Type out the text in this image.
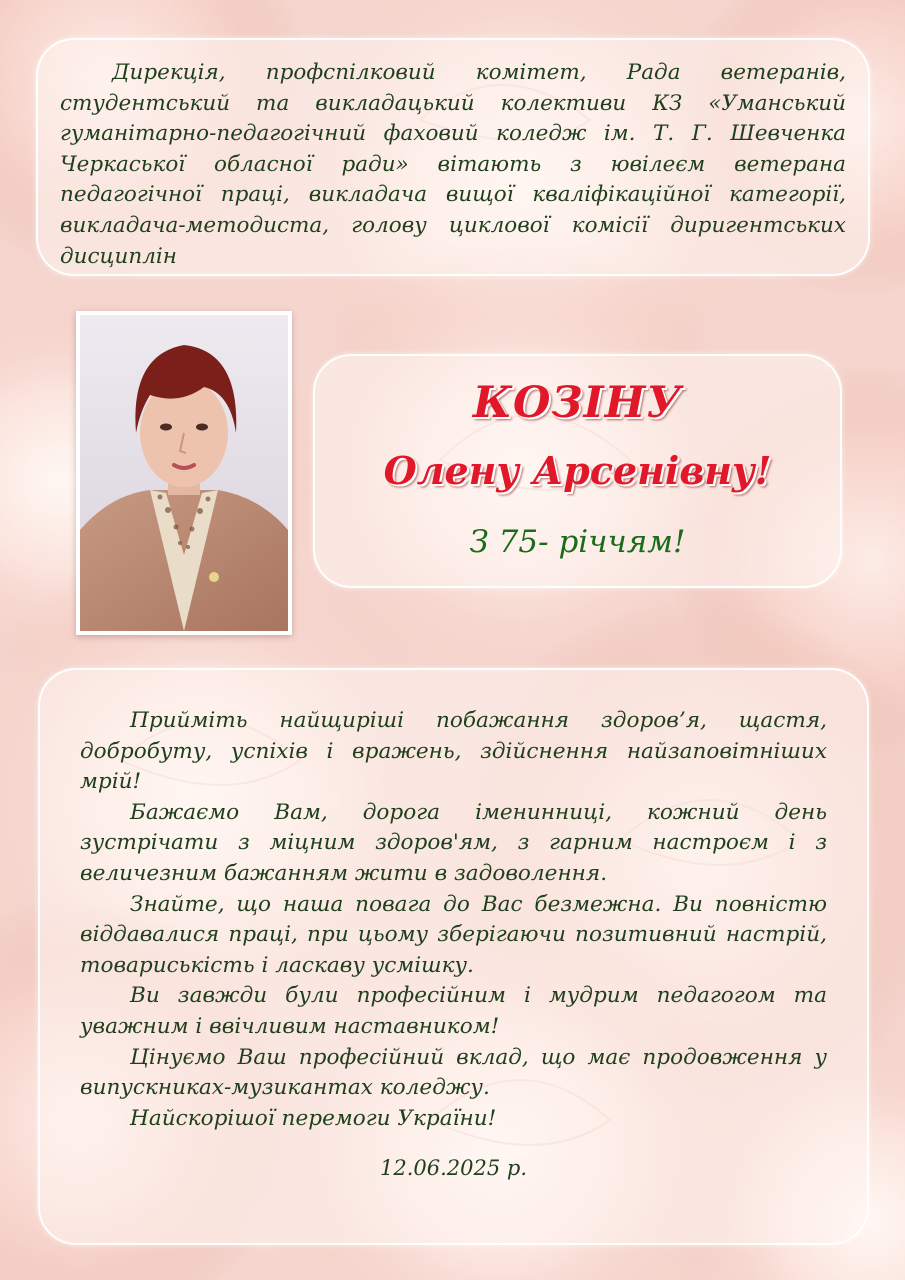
Дирекція, профспілковий комітет, Рада ветеранів, студентський та викладацький колективи КЗ «Уманський гуманітарно-педагогічний фаховий коледж ім. Т. Г. Шевченка Черкаської обласної ради» вітають з ювілеєм ветерана педагогічної праці, викладача вищої кваліфікаційної категорії, викладача-методиста, голову циклової комісії диригентських дисциплін

КОЗІНУ
Олену Арсенівну!
З 75- річчям!

Прийміть найщиріші побажання здоров’я, щастя, добробуту, успіхів і вражень, здійснення найзаповітніших мрій!

Бажаємо Вам, дорога іменинниці, кожний день зустрічати з міцним здоров'ям, з гарним настроєм і з величезним бажанням жити в задоволення.

Знайте, що наша повага до Вас безмежна. Ви повністю віддавалися праці, при цьому зберігаючи позитивний настрій, товариськість і ласкаву усмішку.

Ви завжди були професійним і мудрим педагогом та уважним і ввічливим наставником!

Цінуємо Ваш професійний вклад, що має продовження у випускниках-музикантах коледжу.

Найскорішої перемоги України!

12.06.2025 р.
